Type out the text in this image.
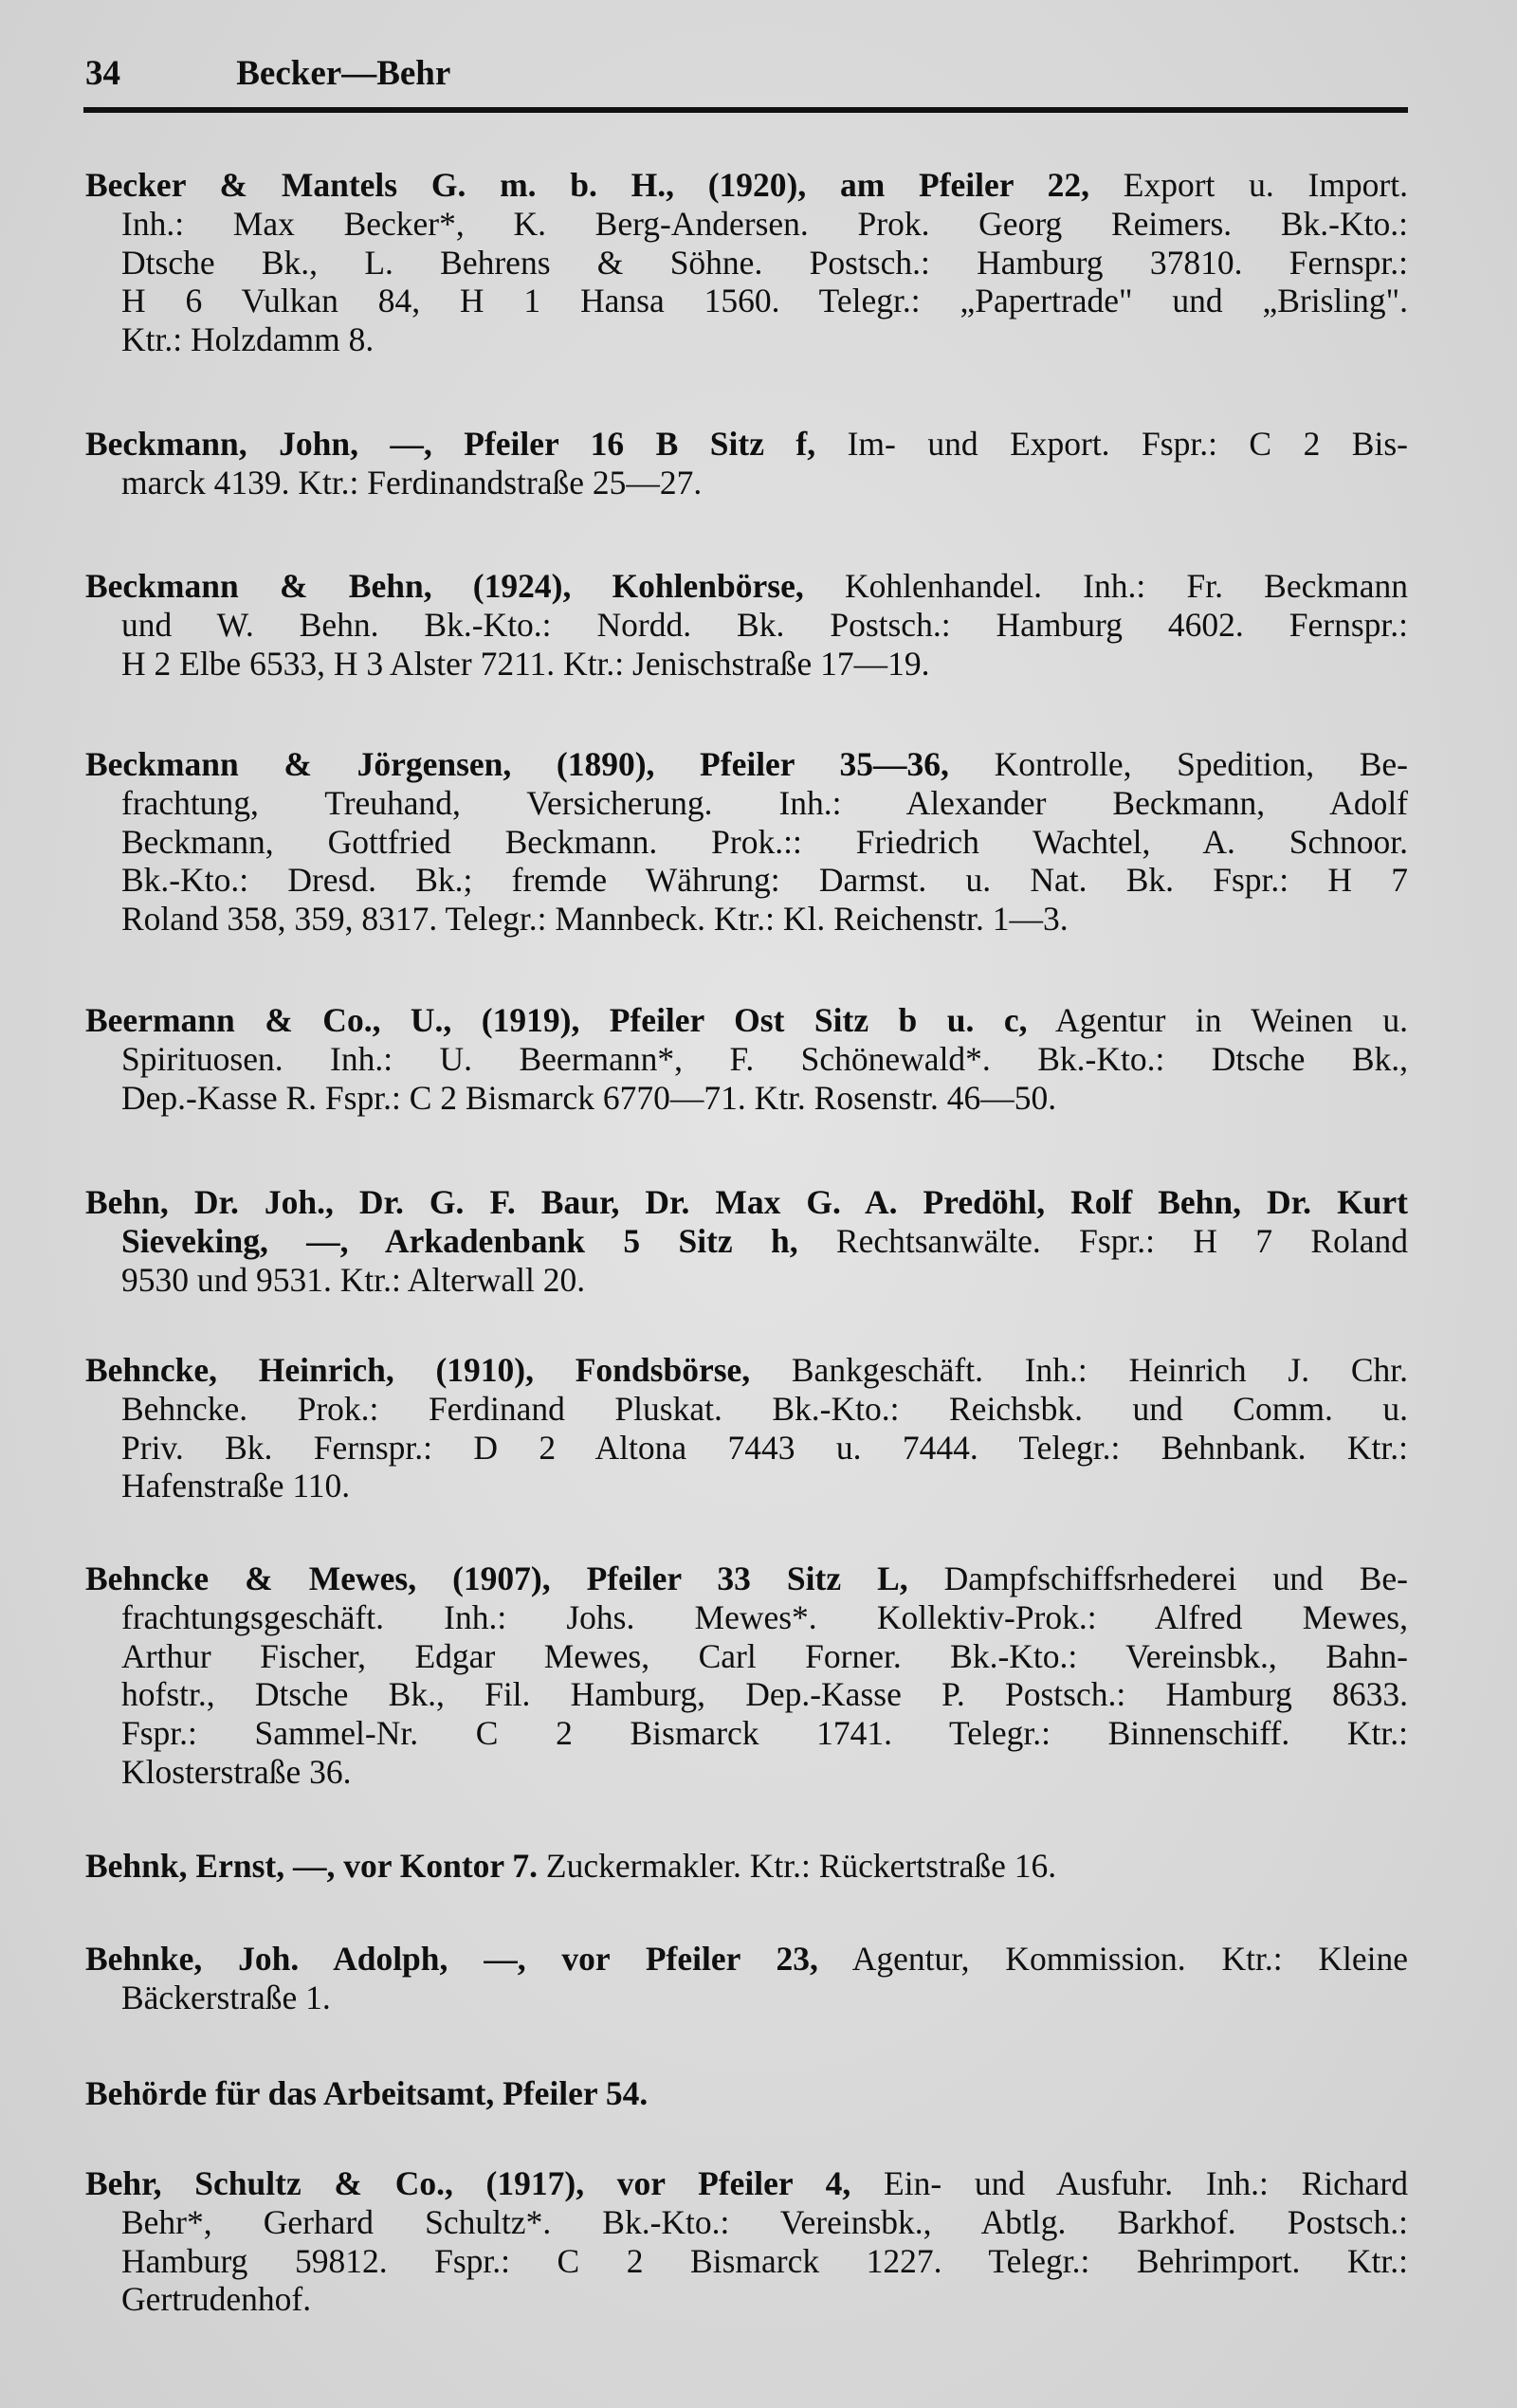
34	Becker—Behr
Becker & Mantels G. m. b. H., (1920), am Pfeiler 22, Export u. Import.
Inh.: Max Becker*, K. Berg-Andersen. Prok. Georg Reimers. Bk.-Kto.:
Dtsche Bk., L. Behrens & Söhne. Postsch.: Hamburg 37810. Fernspr.:
H 6 Vulkan 84, H 1 Hansa 1560. Telegr.: „Papertrade" und „Brisling".
Ktr.: Holzdamm 8.
Beckmann, John, —, Pfeiler 16 B Sitz f, Im- und Export. Fspr.: C 2 Bis-
marck 4139. Ktr.: Ferdinandstraße 25—27.
Beckmann & Behn, (1924), Kohlenbörse, Kohlenhandel. Inh.: Fr. Beckmann
und W. Behn. Bk.-Kto.: Nordd. Bk. Postsch.: Hamburg 4602. Fernspr.:
H 2 Elbe 6533, H 3 Alster 7211. Ktr.: Jenischstraße 17—19.
Beckmann & Jörgensen, (1890), Pfeiler 35—36, Kontrolle, Spedition, Be-
frachtung, Treuhand, Versicherung. Inh.: Alexander Beckmann, Adolf
Beckmann, Gottfried Beckmann. Prok.:: Friedrich Wachtel, A. Schnoor.
Bk.-Kto.: Dresd. Bk.; fremde Währung: Darmst. u. Nat. Bk. Fspr.: H 7
Roland 358, 359, 8317. Telegr.: Mannbeck. Ktr.: Kl. Reichenstr. 1—3.
Beermann & Co., U., (1919), Pfeiler Ost Sitz b u. c, Agentur in Weinen u.
Spirituosen. Inh.: U. Beermann*, F. Schönewald*. Bk.-Kto.: Dtsche Bk.,
Dep.-Kasse R. Fspr.: C 2 Bismarck 6770—71. Ktr. Rosenstr. 46—50.
Behn, Dr. Joh., Dr. G. F. Baur, Dr. Max G. A. Predöhl, Rolf Behn, Dr. Kurt
Sieveking, —, Arkadenbank 5 Sitz h, Rechtsanwälte. Fspr.: H 7 Roland
9530 und 9531. Ktr.: Alterwall 20.
Behncke, Heinrich, (1910), Fondsbörse, Bankgeschäft. Inh.: Heinrich J. Chr.
Behncke. Prok.: Ferdinand Pluskat. Bk.-Kto.: Reichsbk. und Comm. u.
Priv. Bk. Fernspr.: D 2 Altona 7443 u. 7444. Telegr.: Behnbank. Ktr.:
Hafenstraße 110.
Behncke & Mewes, (1907), Pfeiler 33 Sitz L, Dampfschiffsrhederei und Be-
frachtungsgeschäft. Inh.: Johs. Mewes*. Kollektiv-Prok.: Alfred Mewes,
Arthur Fischer, Edgar Mewes, Carl Forner. Bk.-Kto.: Vereinsbk., Bahn-
hofstr., Dtsche Bk., Fil. Hamburg, Dep.-Kasse P. Postsch.: Hamburg 8633.
Fspr.: Sammel-Nr. C 2 Bismarck 1741. Telegr.: Binnenschiff. Ktr.:
Klosterstraße 36.
Behnk, Ernst, —, vor Kontor 7. Zuckermakler. Ktr.: Rückertstraße 16.
Behnke, Joh. Adolph, —, vor Pfeiler 23, Agentur, Kommission. Ktr.: Kleine
Bäckerstraße 1.
Behörde für das Arbeitsamt, Pfeiler 54.
Behr, Schultz & Co., (1917), vor Pfeiler 4, Ein- und Ausfuhr. Inh.: Richard
Behr*, Gerhard Schultz*. Bk.-Kto.: Vereinsbk., Abtlg. Barkhof. Postsch.:
Hamburg 59812. Fspr.: C 2 Bismarck 1227. Telegr.: Behrimport. Ktr.:
Gertrudenhof.
